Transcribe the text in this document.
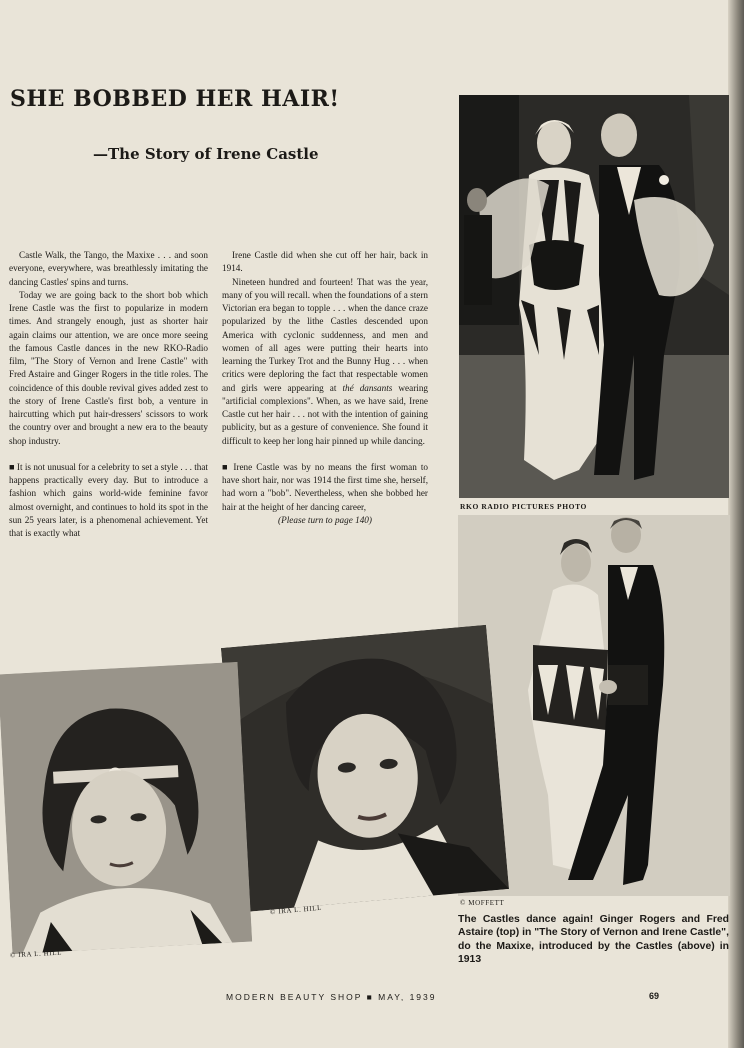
SHE BOBBED HER HAIR!
—The Story of Irene Castle

Castle Walk, the Tango, the Maxixe . . . and soon everyone, everywhere, was breathlessly imitating the dancing Castles' spins and turns.

Today we are going back to the short bob which Irene Castle was the first to popularize in modern times. And strangely enough, just as shorter hair again claims our attention, we are once more seeing the famous Castle dances in the new RKO-Radio film, "The Story of Vernon and Irene Castle" with Fred Astaire and Ginger Rogers in the title roles. The coincidence of this double revival gives added zest to the story of Irene Castle's first bob, a venture in haircutting which put hair-dressers' scissors to work the country over and brought a new era to the beauty shop industry.

■ It is not unusual for a celebrity to set a style . . . that happens practically every day. But to introduce a fashion which gains world-wide feminine favor almost overnight, and continues to hold its spot in the sun 25 years later, is a phenomenal achievement. Yet that is exactly what

Irene Castle did when she cut off her hair, back in 1914.

Nineteen hundred and fourteen! That was the year, many of you will recall. when the foundations of a stern Victorian era began to topple . . . when the dance craze popularized by the lithe Castles descended upon America with cyclonic suddenness, and men and women of all ages were putting their hearts into learning the Turkey Trot and the Bunny Hug . . . when critics were deploring the fact that respectable women and girls were appearing at thé dansants wearing "artificial complexions". When, as we have said, Irene Castle cut her hair . . . not with the intention of gaining publicity, but as a gesture of convenience. She found it difficult to keep her long hair pinned up while dancing.

■ Irene Castle was by no means the first woman to have short hair, nor was 1914 the first time she, herself, had worn a "bob". Nevertheless, when she bobbed her hair at the height of her dancing career,
(Please turn to page 140)

RKO RADIO PICTURES PHOTO
© MOFFETT
© IRA L. HILL
© IRA L. HILL

The Castles dance again! Ginger Rogers and Fred Astaire (top) in "The Story of Vernon and Irene Castle", do the Maxixe, introduced by the Castles (above) in 1913

MODERN BEAUTY SHOP ■ MAY, 1939	69
